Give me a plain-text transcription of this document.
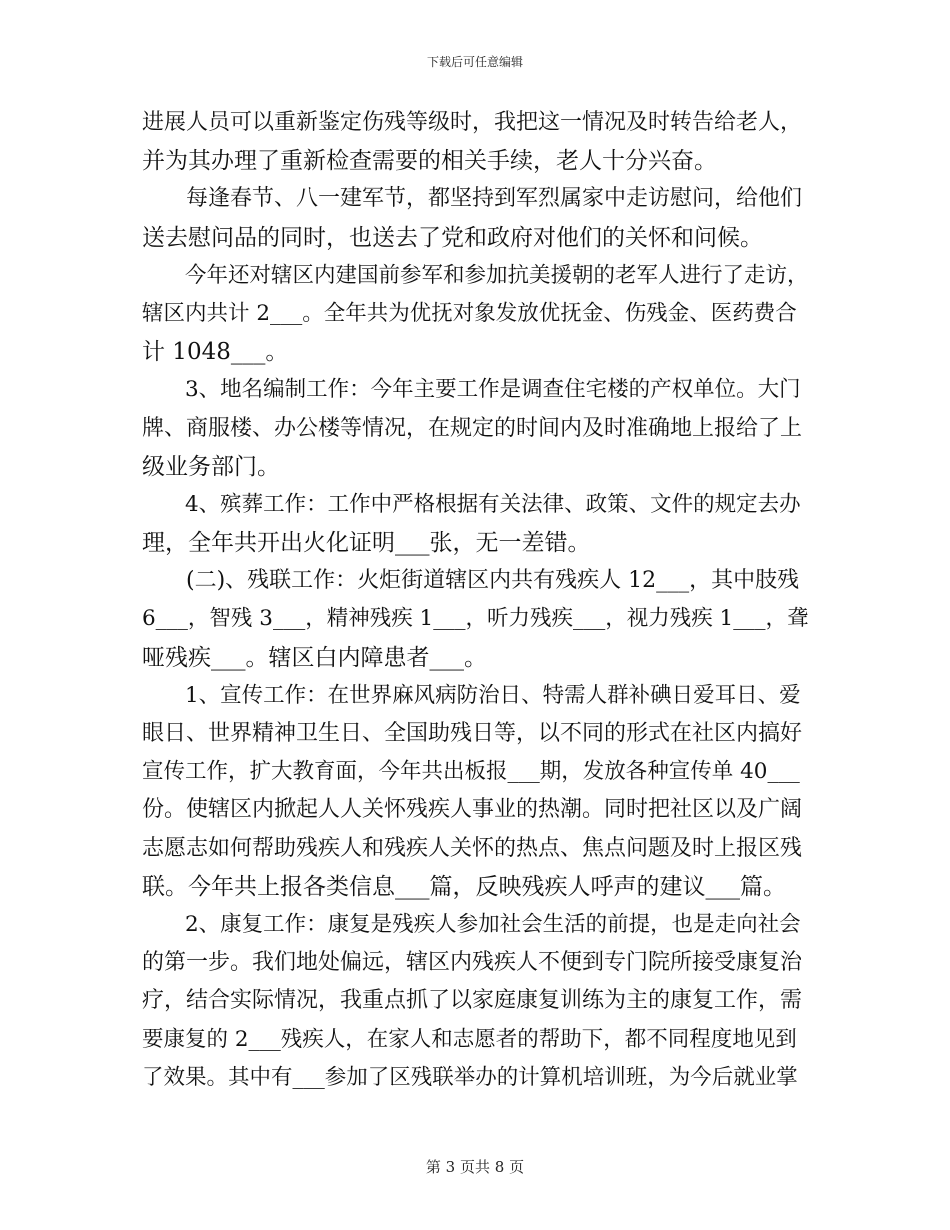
下载后可任意编辑
进展人员可以重新鉴定伤残等级时，我把这一情况及时转告给老人，
并为其办理了重新检查需要的相关手续，老人十分兴奋。
　　每逢春节、八一建军节，都坚持到军烈属家中走访慰问，给他们
送去慰问品的同时，也送去了党和政府对他们的关怀和问候。
　　今年还对辖区内建国前参军和参加抗美援朝的老军人进行了走访，
辖区内共计 2___。全年共为优抚对象发放优抚金、伤残金、医药费合
计 1048___。
　　3、地名编制工作：今年主要工作是调查住宅楼的产权单位。大门
牌、商服楼、办公楼等情况，在规定的时间内及时准确地上报给了上
级业务部门。
　　4、殡葬工作：工作中严格根据有关法律、政策、文件的规定去办
理，全年共开出火化证明___张，无一差错。
　　(二)、残联工作：火炬街道辖区内共有残疾人 12___，其中肢残
6___，智残 3___，精神残疾 1___，听力残疾___，视力残疾 1___，聋
哑残疾___。辖区白内障患者___。
　　1、宣传工作：在世界麻风病防治日、特需人群补碘日爱耳日、爱
眼日、世界精神卫生日、全国助残日等，以不同的形式在社区内搞好
宣传工作，扩大教育面，今年共出板报___期，发放各种宣传单 40___
份。使辖区内掀起人人关怀残疾人事业的热潮。同时把社区以及广阔
志愿志如何帮助残疾人和残疾人关怀的热点、焦点问题及时上报区残
联。今年共上报各类信息___篇，反映残疾人呼声的建议___篇。
　　2、康复工作：康复是残疾人参加社会生活的前提，也是走向社会
的第一步。我们地处偏远，辖区内残疾人不便到专门院所接受康复治
疗，结合实际情况，我重点抓了以家庭康复训练为主的康复工作，需
要康复的 2___残疾人，在家人和志愿者的帮助下，都不同程度地见到
了效果。其中有___参加了区残联举办的计算机培训班，为今后就业掌
第 3 页共 8 页
